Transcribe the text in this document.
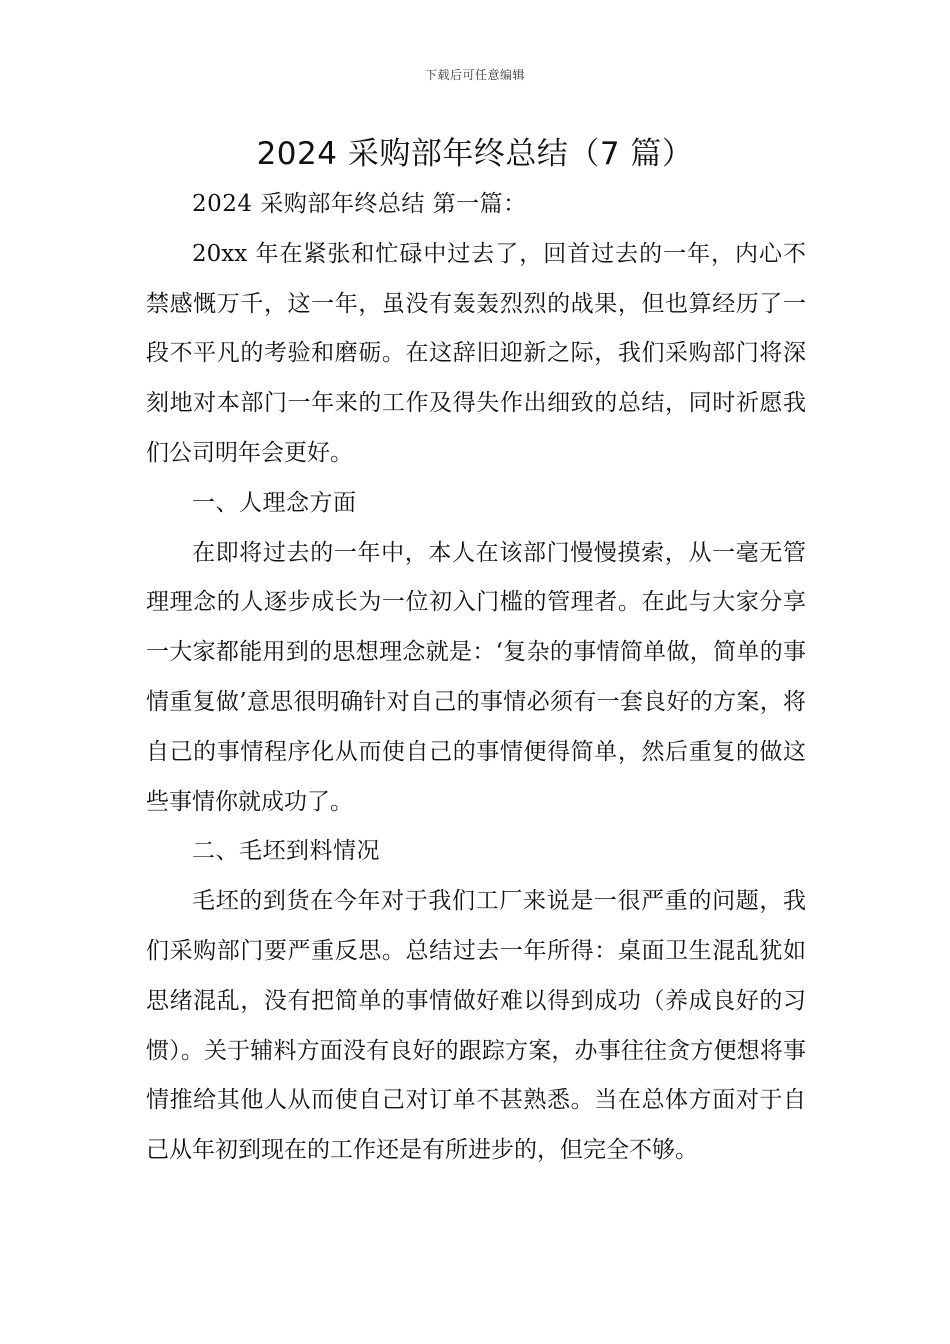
下载后可任意编辑
2024 采购部年终总结（7 篇）

2024 采购部年终总结 第一篇：

20xx 年在紧张和忙碌中过去了，回首过去的一年，内心不禁感慨万千，这一年，虽没有轰轰烈烈的战果，但也算经历了一段不平凡的考验和磨砺。在这辞旧迎新之际，我们采购部门将深刻地对本部门一年来的工作及得失作出细致的总结，同时祈愿我们公司明年会更好。

一、人理念方面

在即将过去的一年中，本人在该部门慢慢摸索，从一毫无管理理念的人逐步成长为一位初入门槛的管理者。在此与大家分享一大家都能用到的思想理念就是：‘复杂的事情简单做，简单的事情重复做’意思很明确针对自己的事情必须有一套良好的方案，将自己的事情程序化从而使自己的事情便得简单，然后重复的做这些事情你就成功了。

二、毛坯到料情况

毛坯的到货在今年对于我们工厂来说是一很严重的问题，我们采购部门要严重反思。总结过去一年所得：桌面卫生混乱犹如思绪混乱，没有把简单的事情做好难以得到成功（养成良好的习惯）。关于辅料方面没有良好的跟踪方案，办事往往贪方便想将事情推给其他人从而使自己对订单不甚熟悉。当在总体方面对于自己从年初到现在的工作还是有所进步的，但完全不够。
